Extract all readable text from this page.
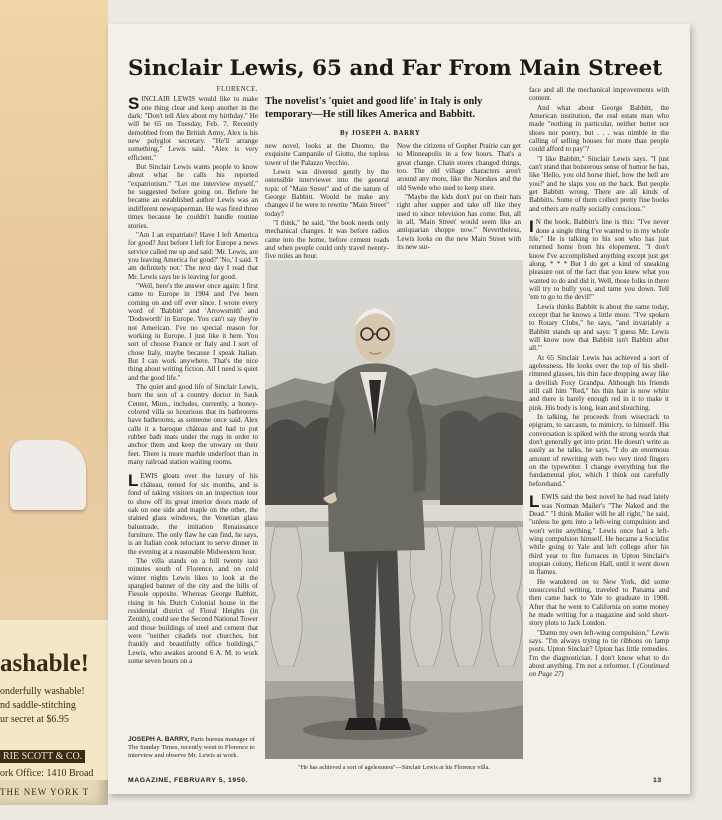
ashable!
onderfully washable!
nd saddle-stitching
ur secret at $6.95
RIE SCOTT & CO.
ork Office: 1410 Broad
THE NEW YORK T
Sinclair Lewis, 65 and Far From Main Street
FLORENCE.

SINCLAIR LEWIS would like to make one thing clear and keep another in the dark: "Don't tell Alex about my birthday." He will be 65 on Tuesday, Feb. 7. Recently demobbed from the British Army, Alex is his new polyglot secretary. "He'll arrange something," Lewis said. "Alex is very efficient."

But Sinclair Lewis wants people to know about what he calls his reported "expatriotism." "Let me interview myself," he suggested before going on. Before he became an established author Lewis was an indifferent newspaperman. He was fired three times because he couldn't handle routine stories.

"Am I an expatriate? Have I left America for good? Just before I left for Europe a news service called me up and said: 'Mr. Lewis, are you leaving America for good?' 'No,' I said. 'I am definitely not.' The next day I read that Mr. Lewis says he is leaving for good.

"Well, here's the answer once again: I first came to Europe in 1904 and I've been coming on and off ever since. I wrote every word of 'Babbitt' and 'Arrowsmith' and 'Dodsworth' in Europe. You can't say they're not American. I've no special reason for working in Europe. I just like it here. You sort of choose France or Italy and I sort of chose Italy, maybe because I speak Italian. But I can work anywhere. That's the nice thing about writing fiction. All I need is quiet and the good life."

The quiet and good life of Sinclair Lewis, born the son of a country doctor in Sauk Center, Minn., includes, currently, a honey-colored villa so luxurious that its bathrooms have bathrooms, as someone once said. Alex calls it a baroque château and had to put rubber bath mats under the rugs in order to anchor them and keep the unwary on their feet. There is more marble underfoot than in many railroad station waiting rooms.

LEWIS gloats over the luxury of his château, rented for six months, and is fond of taking visitors on an inspection tour to show off its great interior doors made of oak on one side and maple on the other, the stained glass windows, the Venetian glass balustrade, the imitation Renaissance furniture. The only flaw he can find, he says, is an Italian cook reluctant to serve dinner in the evening at a reasonable Midwestern hour.

The villa stands on a hill twenty taxi minutes south of Florence, and on cold winter nights Lewis likes to look at the spangled banner of the city and the hills of Fiesole opposite. Whereas George Babbitt, rising in his Dutch Colonial house in the residential district of Floral Heights (in Zenith), could see the Second National Tower and those buildings of steel and cement that were "neither citadels nor churches, but frankly and beautifully office buildings," Lewis, who awakes around 6 A. M. to work some seven hours on a

The novelist's 'quiet and good life' in Italy is only temporary—He still likes America and Babbitt.
By JOSEPH A. BARRY

new novel, looks at the Duomo, the exquisite Campanile of Giotto, the topless tower of the Palazzo Vecchio.

Lewis was diverted gently by the ostensible interviewer into the general topic of "Main Street" and of the nature of George Babbitt. Would he make any changes if he were to rewrite "Main Street" today?

"I think," he said, "the book needs only mechanical changes. It was before radios came into the home, before cement roads and when people could only travel twenty-five miles an hour.

Now the citizens of Gopher Prairie can get to Minneapolis in a few hours. That's a great change. Chain stores changed things, too. The old village characters aren't around any more, like the Norskes and the old Swede who used to keep store.

"Maybe the kids don't put on their hats right after supper and take off like they used to since television has come. But, all in all, 'Main Street' would seem like an antiquarian shoppe now." Nevertheless, Lewis looks on the new Main Street with its new sur-

"He has achieved a sort of agelessness"—Sinclair Lewis at his Florence villa.

face and all the mechanical improvements with content.

And what about George Babbitt, the American institution, the real estate man who made "nothing in particular, neither butter nor shoes nor poetry, but . . . was nimble in the calling of selling houses for more than people could afford to pay"?

"I like Babbitt," Sinclair Lewis says. "I just can't stand that boisterous sense of humor he has, like 'Hello, you old horse thief, how the hell are you?' and he slaps you on the back. But people get Babbitt wrong. There are all kinds of Babbitts. Some of them collect pretty fine books and others are really socially conscious."

I N the book, Babbitt's line is this: "I've never done a single thing I've wanted to in my whole life." He is talking to his son who has just returned home from his elopement. "I don't know I've accomplished anything except just get along. * * * But I do get a kind of sneaking pleasure out of the fact that you knew what you wanted to do and did it. Well, those folks in there will try to bully you, and tame you down. Tell 'em to go to the devil!"

Lewis thinks Babbitt is about the same today, except that he knows a little more. "I've spoken to Rotary Clubs," he says, "and invariably a Babbitt stands up and says: 'I guess Mr. Lewis will know now that Babbitt isn't Babbitt after all.'"

At 65 Sinclair Lewis has achieved a sort of agelessness. He looks over the top of his shell-rimmed glasses, his thin face dropping away like a devilish Foxy Grandpa. Although his friends still call him "Red," his thin hair is now white and there is barely enough red in it to make it pink. His body is long, lean and slouching.

In talking, he proceeds from wisecrack to epigram, to sarcasm, to mimicry, to himself. His conversation is spiked with the strong words that don't generally get into print. He doesn't write as easily as he talks, he says. "I do an enormous amount of rewriting with two very tired fingers on the typewriter. I change everything but the fundamental plot, which I think out carefully beforehand."

LEWIS said the best novel he had read lately was Norman Mailer's "The Naked and the Dead." "I think Mailer will be all right," he said, "unless he gets into a left-wing compulsion and won't write anything." Lewis once had a left-wing compulsion himself. He became a Socialist while going to Yale and left college after his third year to fire furnaces in Upton Sinclair's utopian colony, Helicon Hall, until it went down in flames.

He wandered on to New York, did some unsuccessful writing, traveled to Panama and then came back to Yale to graduate in 1908. After that he went to California on some money he made writing for a magazine and sold short-story plots to Jack London.

"Damn my own left-wing compulsion," Lewis says. "I'm always trying to tie ribbons on lamp posts. Upton Sinclair? Upton has little remedies. I'm the diagnostician. I don't know what to do about anything. I'm not a reformer. I (Continued on Page 27)

JOSEPH A. BARRY, Paris bureau manager of The Sunday Times, recently went to Florence to interview and observe Mr. Lewis at work.
MAGAZINE, FEBRUARY 5, 1950.	13
